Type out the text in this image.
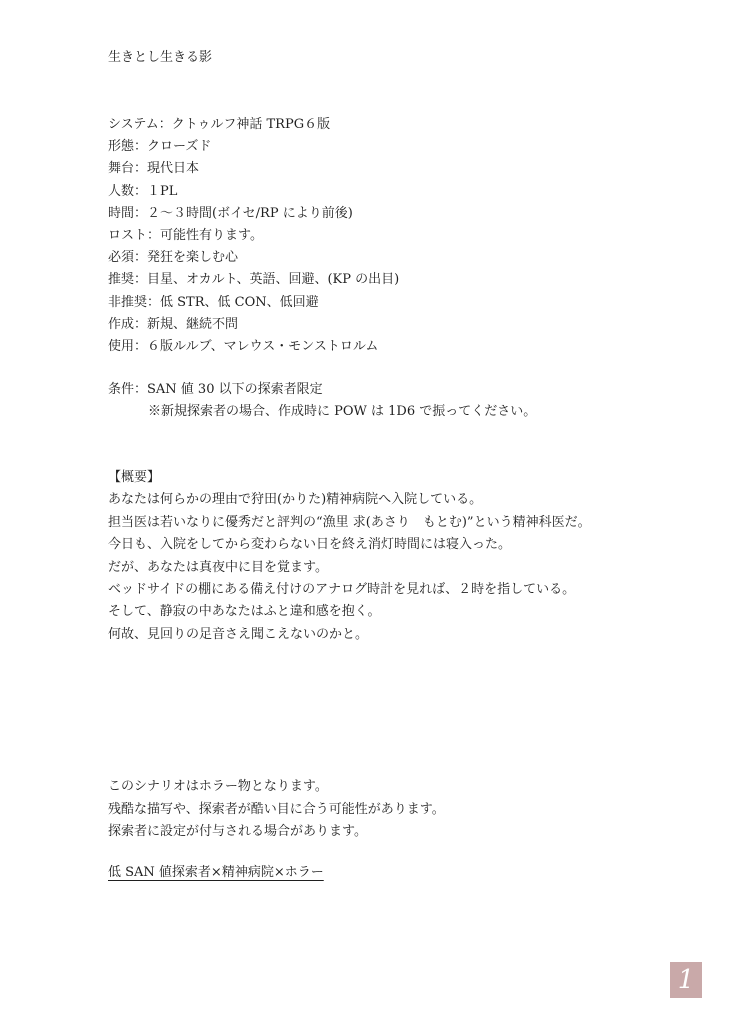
生きとし生きる影
システム：クトゥルフ神話 TRPG６版
形態：クローズド
舞台：現代日本
人数：１PL
時間：２〜３時間(ボイセ/RP により前後)
ロスト：可能性有ります。
必須：発狂を楽しむ心
推奨：目星、オカルト、英語、回避、(KP の出目)
非推奨：低 STR、低 CON、低回避
作成：新規、継続不問
使用：６版ルルブ、マレウス・モンストロルム
条件：SAN 値 30 以下の探索者限定
※新規探索者の場合、作成時に POW は 1D6 で振ってください。
【概要】
あなたは何らかの理由で狩田(かりた)精神病院へ入院している。
担当医は若いなりに優秀だと評判の“漁里 求(あさり　もとむ)”という精神科医だ。
今日も、入院をしてから変わらない日を終え消灯時間には寝入った。
だが、あなたは真夜中に目を覚ます。
ベッドサイドの棚にある備え付けのアナログ時計を見れば、２時を指している。
そして、静寂の中あなたはふと違和感を抱く。
何故、見回りの足音さえ聞こえないのかと。
このシナリオはホラー物となります。
残酷な描写や、探索者が酷い目に合う可能性があります。
探索者に設定が付与される場合があります。
低 SAN 値探索者×精神病院×ホラー
1
